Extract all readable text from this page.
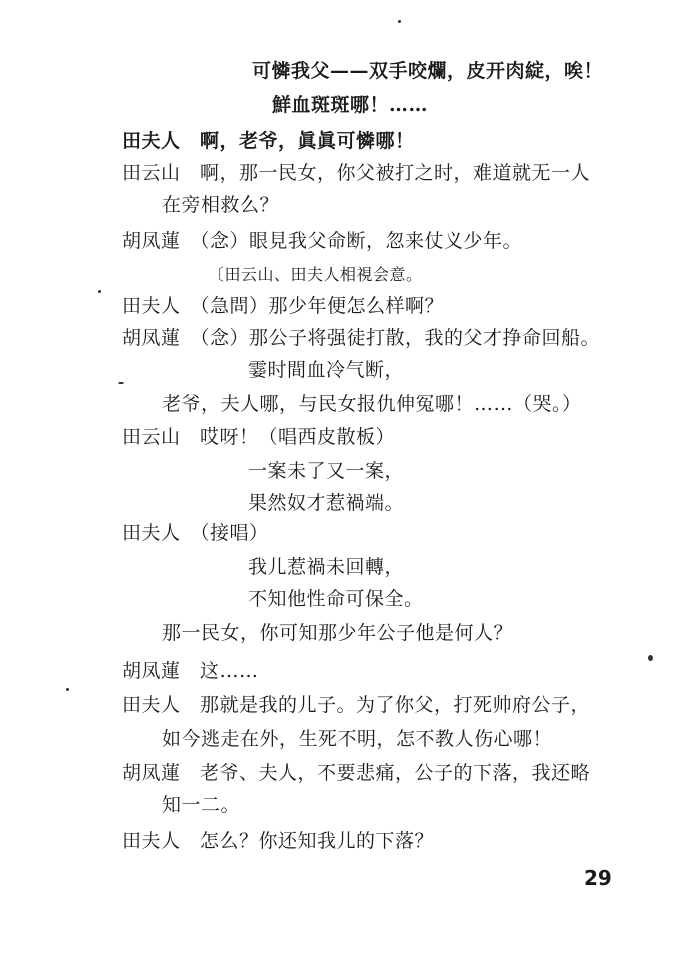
可憐我父——双手咬爛，皮开肉綻，唉！
鮮血斑斑哪！……
田夫人　啊，老爷，眞眞可憐哪！
田云山　啊，那一民女，你父被打之时，难道就无一人
在旁相救么？
胡凤蓮　（念）眼見我父命断，忽来仗义少年。
〔田云山、田夫人相視会意。
田夫人　（急問）那少年便怎么样啊？
胡凤蓮　（念）那公子将强徒打散，我的父才挣命回船。
霎时間血冷气断，
老爷，夫人哪，与民女报仇伸冤哪！……（哭。）
田云山　哎呀！（唱西皮散板）
一案未了又一案，
果然奴才惹禍端。
田夫人　（接唱）
我儿惹禍未回轉，
不知他性命可保全。
那一民女，你可知那少年公子他是何人？
胡凤蓮　这……
田夫人　那就是我的儿子。为了你父，打死帅府公子，
如今逃走在外，生死不明，怎不教人伤心哪！
胡凤蓮　老爷、夫人，不要悲痛，公子的下落，我还略
知一二。
田夫人　怎么？你还知我儿的下落？
29
